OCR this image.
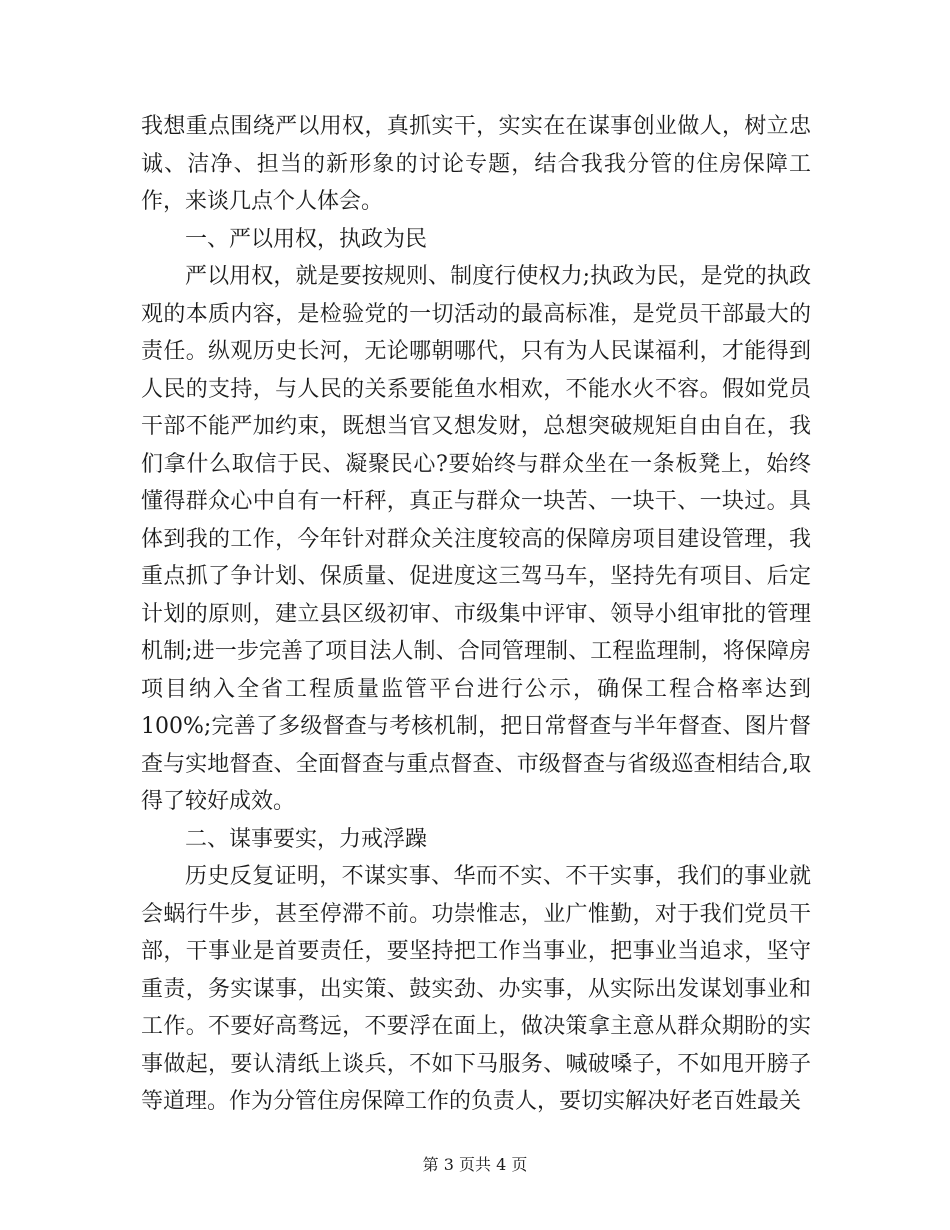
我想重点围绕严以用权，真抓实干，实实在在谋事创业做人，树立忠诚、洁净、担当的新形象的讨论专题，结合我我分管的住房保障工作，来谈几点个人体会。

一、严以用权，执政为民

严以用权，就是要按规则、制度行使权力;执政为民，是党的执政观的本质内容，是检验党的一切活动的最高标准，是党员干部最大的责任。纵观历史长河，无论哪朝哪代，只有为人民谋福利，才能得到人民的支持，与人民的关系要能鱼水相欢，不能水火不容。假如党员干部不能严加约束，既想当官又想发财，总想突破规矩自由自在，我们拿什么取信于民、凝聚民心?要始终与群众坐在一条板凳上，始终懂得群众心中自有一杆秤，真正与群众一块苦、一块干、一块过。具体到我的工作，今年针对群众关注度较高的保障房项目建设管理，我重点抓了争计划、保质量、促进度这三驾马车，坚持先有项目、后定计划的原则，建立县区级初审、市级集中评审、领导小组审批的管理机制;进一步完善了项目法人制、合同管理制、工程监理制，将保障房项目纳入全省工程质量监管平台进行公示，确保工程合格率达到100%;完善了多级督查与考核机制，把日常督查与半年督查、图片督查与实地督查、全面督查与重点督查、市级督查与省级巡查相结合,取得了较好成效。

二、谋事要实，力戒浮躁

历史反复证明，不谋实事、华而不实、不干实事，我们的事业就会蜗行牛步，甚至停滞不前。功崇惟志，业广惟勤，对于我们党员干部，干事业是首要责任，要坚持把工作当事业，把事业当追求，坚守重责，务实谋事，出实策、鼓实劲、办实事，从实际出发谋划事业和工作。不要好高骛远，不要浮在面上，做决策拿主意从群众期盼的实事做起，要认清纸上谈兵，不如下马服务、喊破嗓子，不如甩开膀子等道理。作为分管住房保障工作的负责人，要切实解决好老百姓最关

第 3 页共 4 页
